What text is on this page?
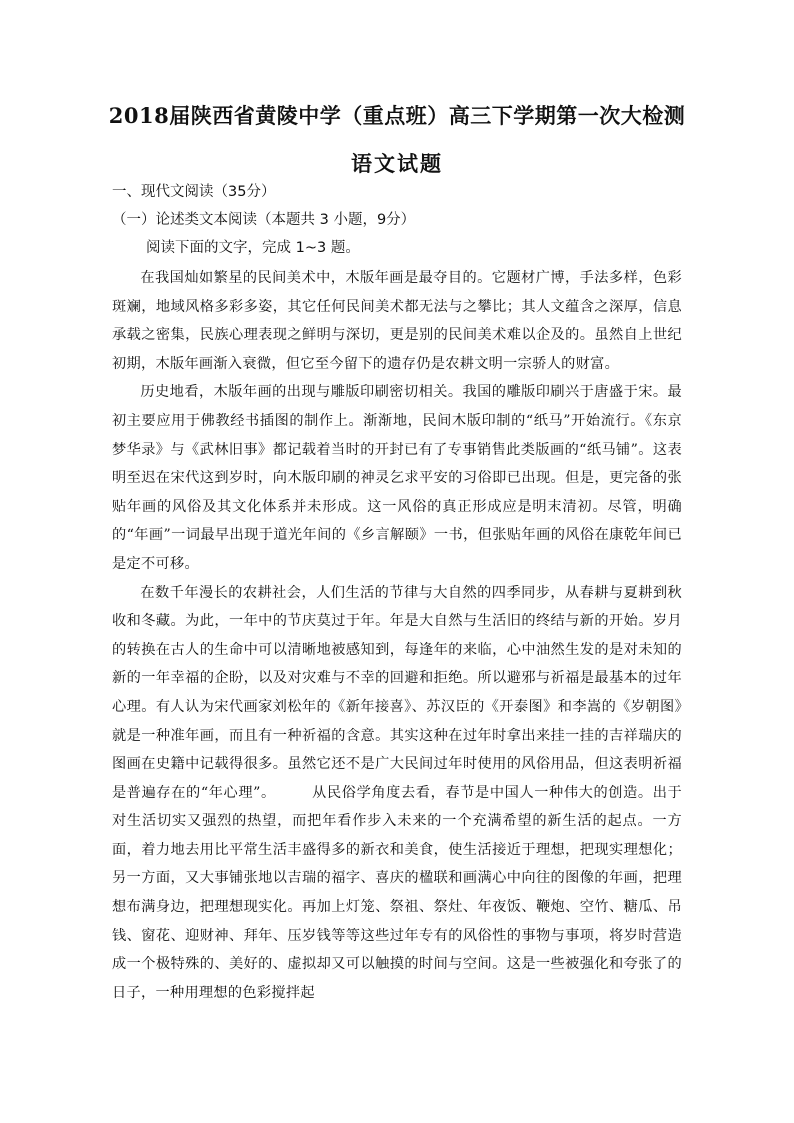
2018届陕西省黄陵中学（重点班）高三下学期第一次大检测
语文试题
一、现代文阅读（35分）
（一）论述类文本阅读（本题共 3 小题，9分）
阅读下面的文字，完成 1~3 题。

在我国灿如繁星的民间美术中，木版年画是最夺目的。它题材广博，手法多样，色彩斑斓，地域风格多彩多姿，其它任何民间美术都无法与之攀比；其人文蕴含之深厚，信息承载之密集，民族心理表现之鲜明与深切，更是别的民间美术难以企及的。虽然自上世纪初期，木版年画渐入衰微，但它至今留下的遗存仍是农耕文明一宗骄人的财富。

历史地看，木版年画的出现与雕版印刷密切相关。我国的雕版印刷兴于唐盛于宋。最初主要应用于佛教经书插图的制作上。渐渐地，民间木版印制的“纸马”开始流行。《东京梦华录》与《武林旧事》都记载着当时的开封已有了专事销售此类版画的“纸马铺”。这表明至迟在宋代这到岁时，向木版印刷的神灵乞求平安的习俗即已出现。但是，更完备的张贴年画的风俗及其文化体系并未形成。这一风俗的真正形成应是明末清初。尽管，明确的“年画”一词最早出现于道光年间的《乡言解颐》一书，但张贴年画的风俗在康乾年间已是定不可移。

在数千年漫长的农耕社会，人们生活的节律与大自然的四季同步，从春耕与夏耕到秋收和冬藏。为此，一年中的节庆莫过于年。年是大自然与生活旧的终结与新的开始。岁月的转换在古人的生命中可以清晰地被感知到，每逢年的来临，心中油然生发的是对未知的新的一年幸福的企盼，以及对灾难与不幸的回避和拒绝。所以避邪与祈福是最基本的过年心理。有人认为宋代画家刘松年的《新年接喜》、苏汉臣的《开泰图》和李嵩的《岁朝图》就是一种准年画，而且有一种祈福的含意。其实这种在过年时拿出来挂一挂的吉祥瑞庆的图画在史籍中记载得很多。虽然它还不是广大民间过年时使用的风俗用品，但这表明祈福是普遍存在的“年心理”。	从民俗学角度去看，春节是中国人一种伟大的创造。出于对生活切实又强烈的热望，而把年看作步入未来的一个充满希望的新生活的起点。一方面，着力地去用比平常生活丰盛得多的新衣和美食，使生活接近于理想，把现实理想化；另一方面，又大事铺张地以吉瑞的福字、喜庆的楹联和画满心中向往的图像的年画，把理想布满身边，把理想现实化。再加上灯笼、祭祖、祭灶、年夜饭、鞭炮、空竹、糖瓜、吊钱、窗花、迎财神、拜年、压岁钱等等这些过年专有的风俗性的事物与事项，将岁时营造成一个极特殊的、美好的、虚拟却又可以触摸的时间与空间。这是一些被强化和夸张了的日子，一种用理想的色彩搅拌起
